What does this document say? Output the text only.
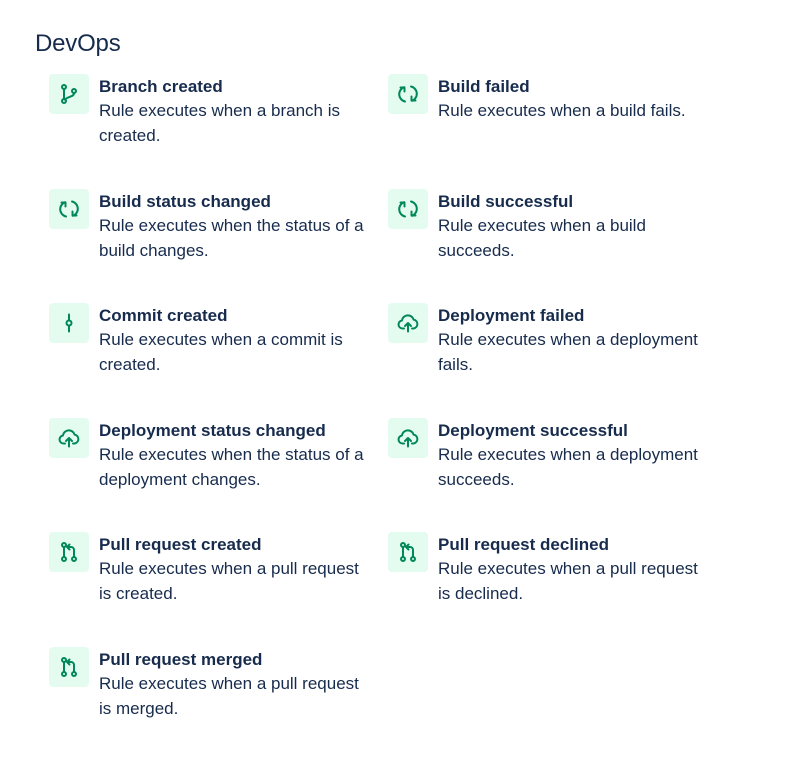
DevOps
Branch created
Rule executes when a branch is created.
Build failed
Rule executes when a build fails.
Build status changed
Rule executes when the status of a build changes.
Build successful
Rule executes when a build succeeds.
Commit created
Rule executes when a commit is created.
Deployment failed
Rule executes when a deployment fails.
Deployment status changed
Rule executes when the status of a deployment changes.
Deployment successful
Rule executes when a deployment succeeds.
Pull request created
Rule executes when a pull request is created.
Pull request declined
Rule executes when a pull request is declined.
Pull request merged
Rule executes when a pull request is merged.
